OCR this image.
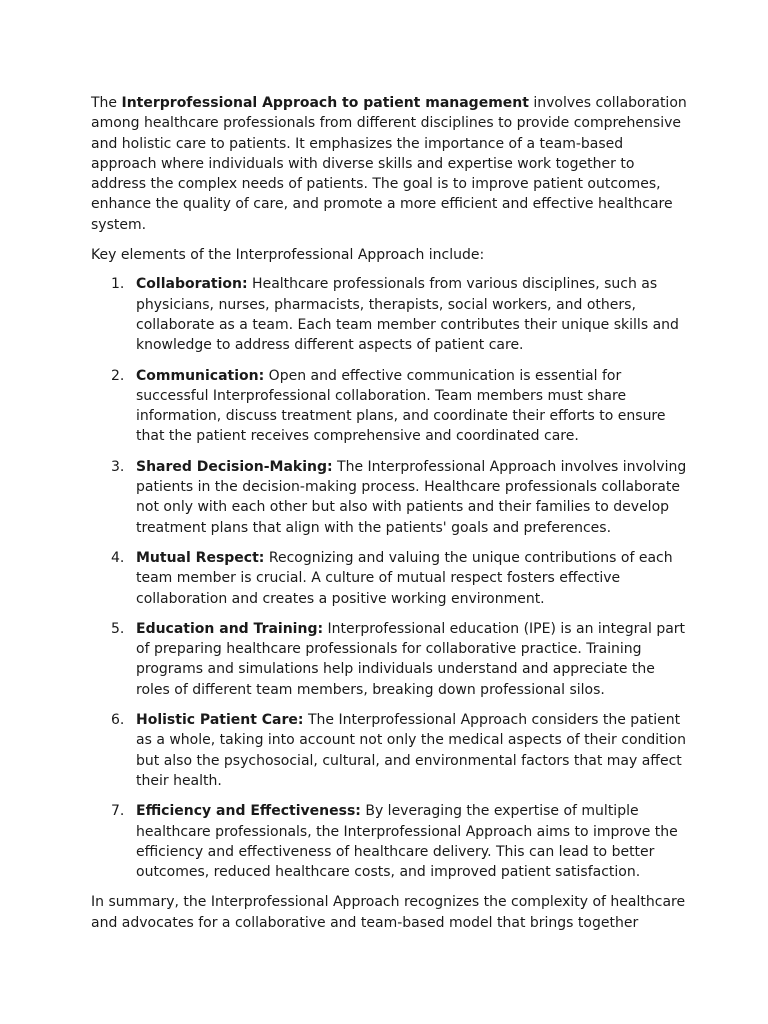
The Interprofessional Approach to patient management involves collaboration among healthcare professionals from different disciplines to provide comprehensive and holistic care to patients. It emphasizes the importance of a team-based approach where individuals with diverse skills and expertise work together to address the complex needs of patients. The goal is to improve patient outcomes, enhance the quality of care, and promote a more efficient and effective healthcare system.

Key elements of the Interprofessional Approach include:

1. Collaboration: Healthcare professionals from various disciplines, such as physicians, nurses, pharmacists, therapists, social workers, and others, collaborate as a team. Each team member contributes their unique skills and knowledge to address different aspects of patient care.
2. Communication: Open and effective communication is essential for successful Interprofessional collaboration. Team members must share information, discuss treatment plans, and coordinate their efforts to ensure that the patient receives comprehensive and coordinated care.
3. Shared Decision-Making: The Interprofessional Approach involves involving patients in the decision-making process. Healthcare professionals collaborate not only with each other but also with patients and their families to develop treatment plans that align with the patients' goals and preferences.
4. Mutual Respect: Recognizing and valuing the unique contributions of each team member is crucial. A culture of mutual respect fosters effective collaboration and creates a positive working environment.
5. Education and Training: Interprofessional education (IPE) is an integral part of preparing healthcare professionals for collaborative practice. Training programs and simulations help individuals understand and appreciate the roles of different team members, breaking down professional silos.
6. Holistic Patient Care: The Interprofessional Approach considers the patient as a whole, taking into account not only the medical aspects of their condition but also the psychosocial, cultural, and environmental factors that may affect their health.
7. Efficiency and Effectiveness: By leveraging the expertise of multiple healthcare professionals, the Interprofessional Approach aims to improve the efficiency and effectiveness of healthcare delivery. This can lead to better outcomes, reduced healthcare costs, and improved patient satisfaction.

In summary, the Interprofessional Approach recognizes the complexity of healthcare and advocates for a collaborative and team-based model that brings together
